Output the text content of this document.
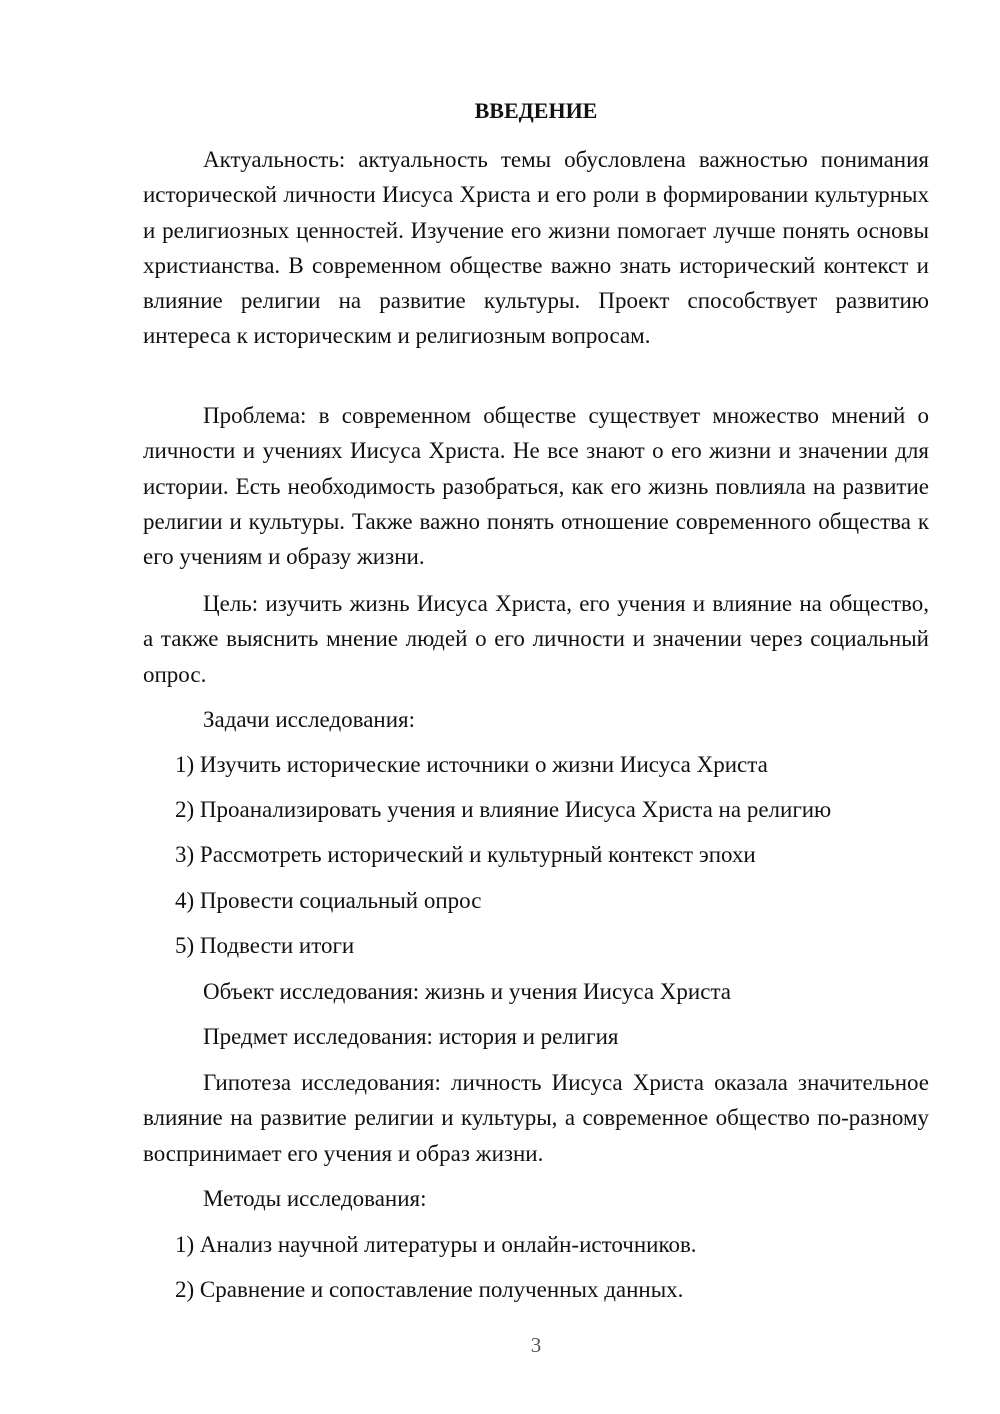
ВВЕДЕНИЕ

Актуальность: актуальность темы обусловлена важностью понимания исторической личности Иисуса Христа и его роли в формировании культурных и религиозных ценностей. Изучение его жизни помогает лучше понять основы христианства. В современном обществе важно знать исторический контекст и влияние религии на развитие культуры. Проект способствует развитию интереса к историческим и религиозным вопросам.

Проблема: в современном обществе существует множество мнений о личности и учениях Иисуса Христа. Не все знают о его жизни и значении для истории. Есть необходимость разобраться, как его жизнь повлияла на развитие религии и культуры. Также важно понять отношение современного общества к его учениям и образу жизни.

Цель: изучить жизнь Иисуса Христа, его учения и влияние на общество, а также выяснить мнение людей о его личности и значении через социальный опрос.

Задачи исследования:

1) Изучить исторические источники о жизни Иисуса Христа

2) Проанализировать учения и влияние Иисуса Христа на религию

3) Рассмотреть исторический и культурный контекст эпохи

4) Провести социальный опрос

5) Подвести итоги

Объект исследования: жизнь и учения Иисуса Христа

Предмет исследования: история и религия

Гипотеза исследования: личность Иисуса Христа оказала значительное влияние на развитие религии и культуры, а современное общество по-разному воспринимает его учения и образ жизни.

Методы исследования:

1) Анализ научной литературы и онлайн-источников.

2) Сравнение и сопоставление полученных данных.

3
